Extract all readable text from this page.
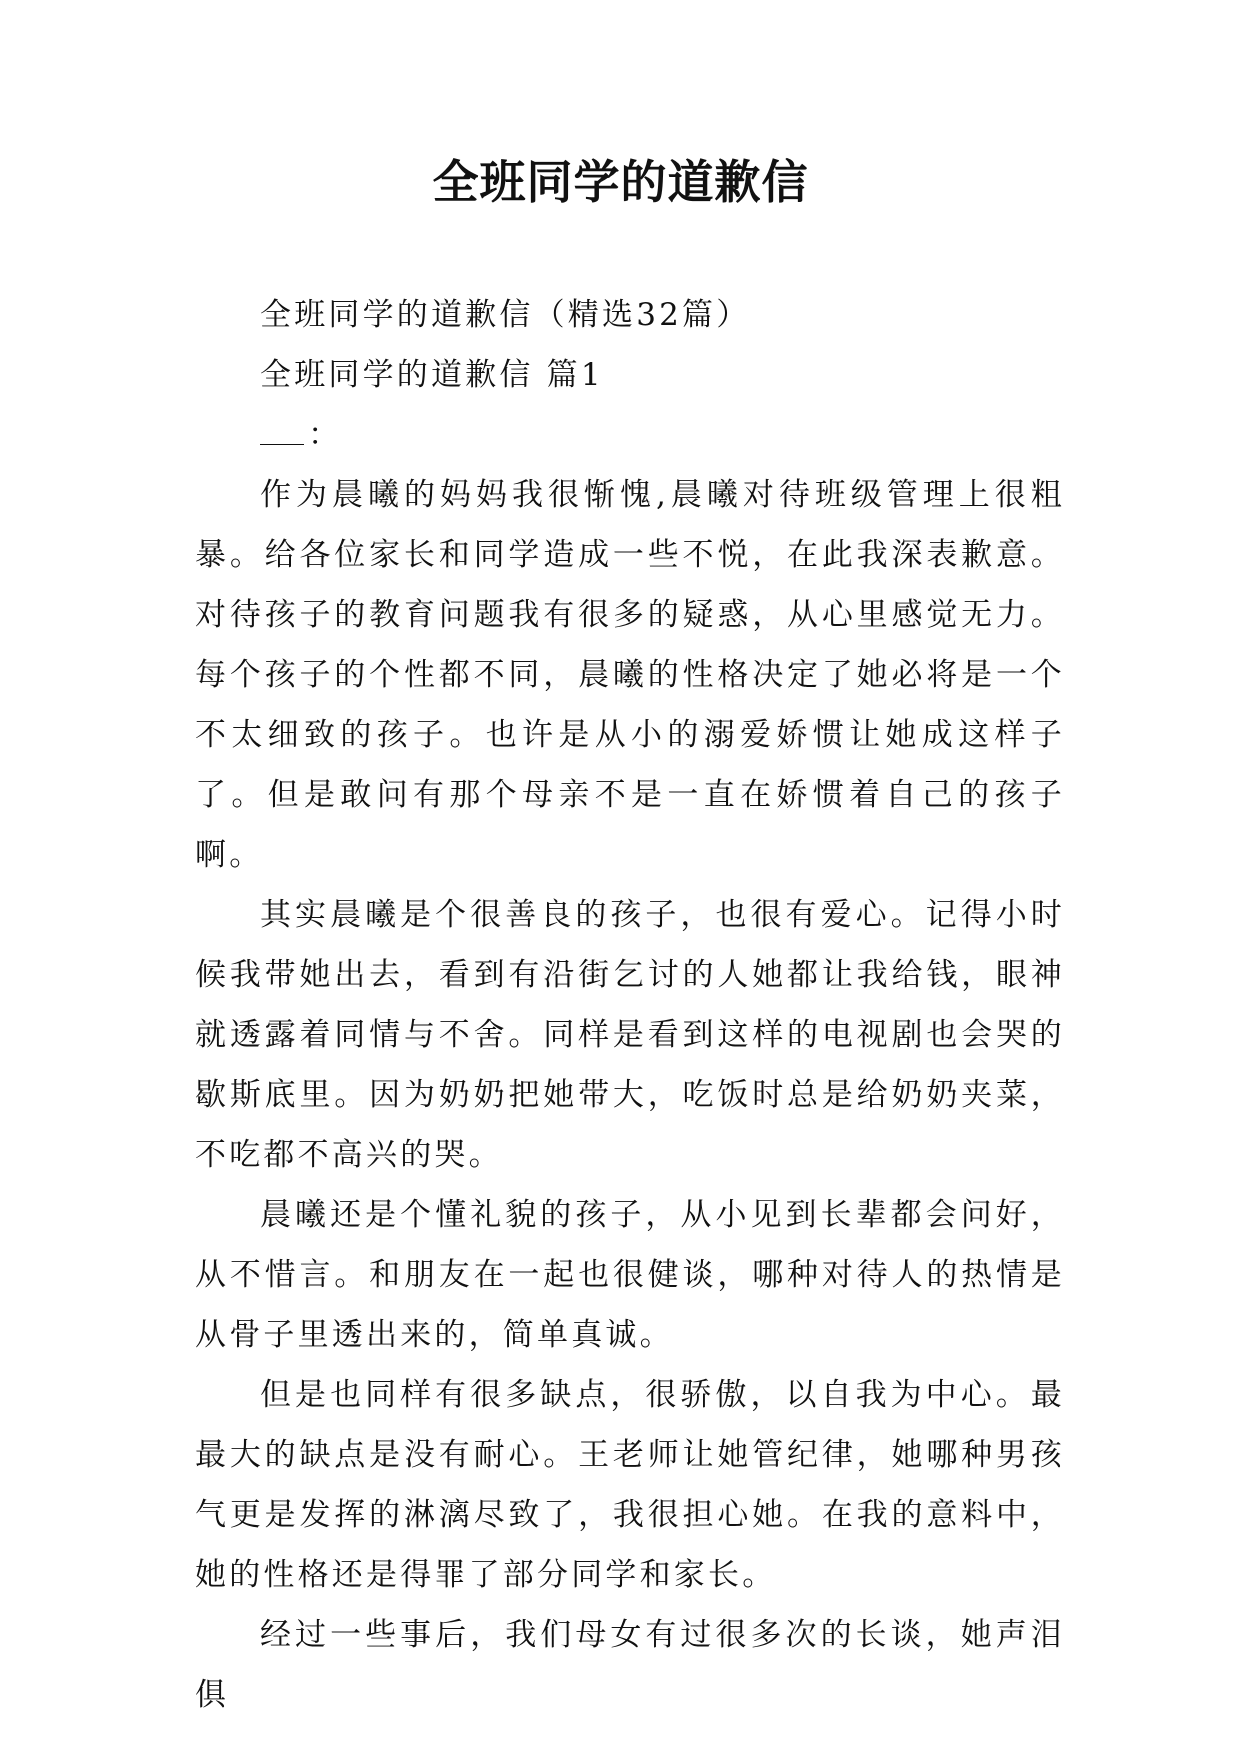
全班同学的道歉信

全班同学的道歉信（精选32篇）

全班同学的道歉信 篇1

：

作为晨曦的妈妈我很惭愧,晨曦对待班级管理上很粗暴。给各位家长和同学造成一些不悦，在此我深表歉意。对待孩子的教育问题我有很多的疑惑，从心里感觉无力。每个孩子的个性都不同，晨曦的性格决定了她必将是一个不太细致的孩子。也许是从小的溺爱娇惯让她成这样子了。但是敢问有那个母亲不是一直在娇惯着自己的孩子啊。

其实晨曦是个很善良的孩子，也很有爱心。记得小时候我带她出去，看到有沿街乞讨的人她都让我给钱，眼神就透露着同情与不舍。同样是看到这样的电视剧也会哭的歇斯底里。因为奶奶把她带大，吃饭时总是给奶奶夹菜，不吃都不高兴的哭。

晨曦还是个懂礼貌的孩子，从小见到长辈都会问好，从不惜言。和朋友在一起也很健谈，哪种对待人的热情是从骨子里透出来的，简单真诚。

但是也同样有很多缺点，很骄傲，以自我为中心。最最大的缺点是没有耐心。王老师让她管纪律，她哪种男孩气更是发挥的淋漓尽致了，我很担心她。在我的意料中，她的性格还是得罪了部分同学和家长。

经过一些事后，我们母女有过很多次的长谈，她声泪俱
